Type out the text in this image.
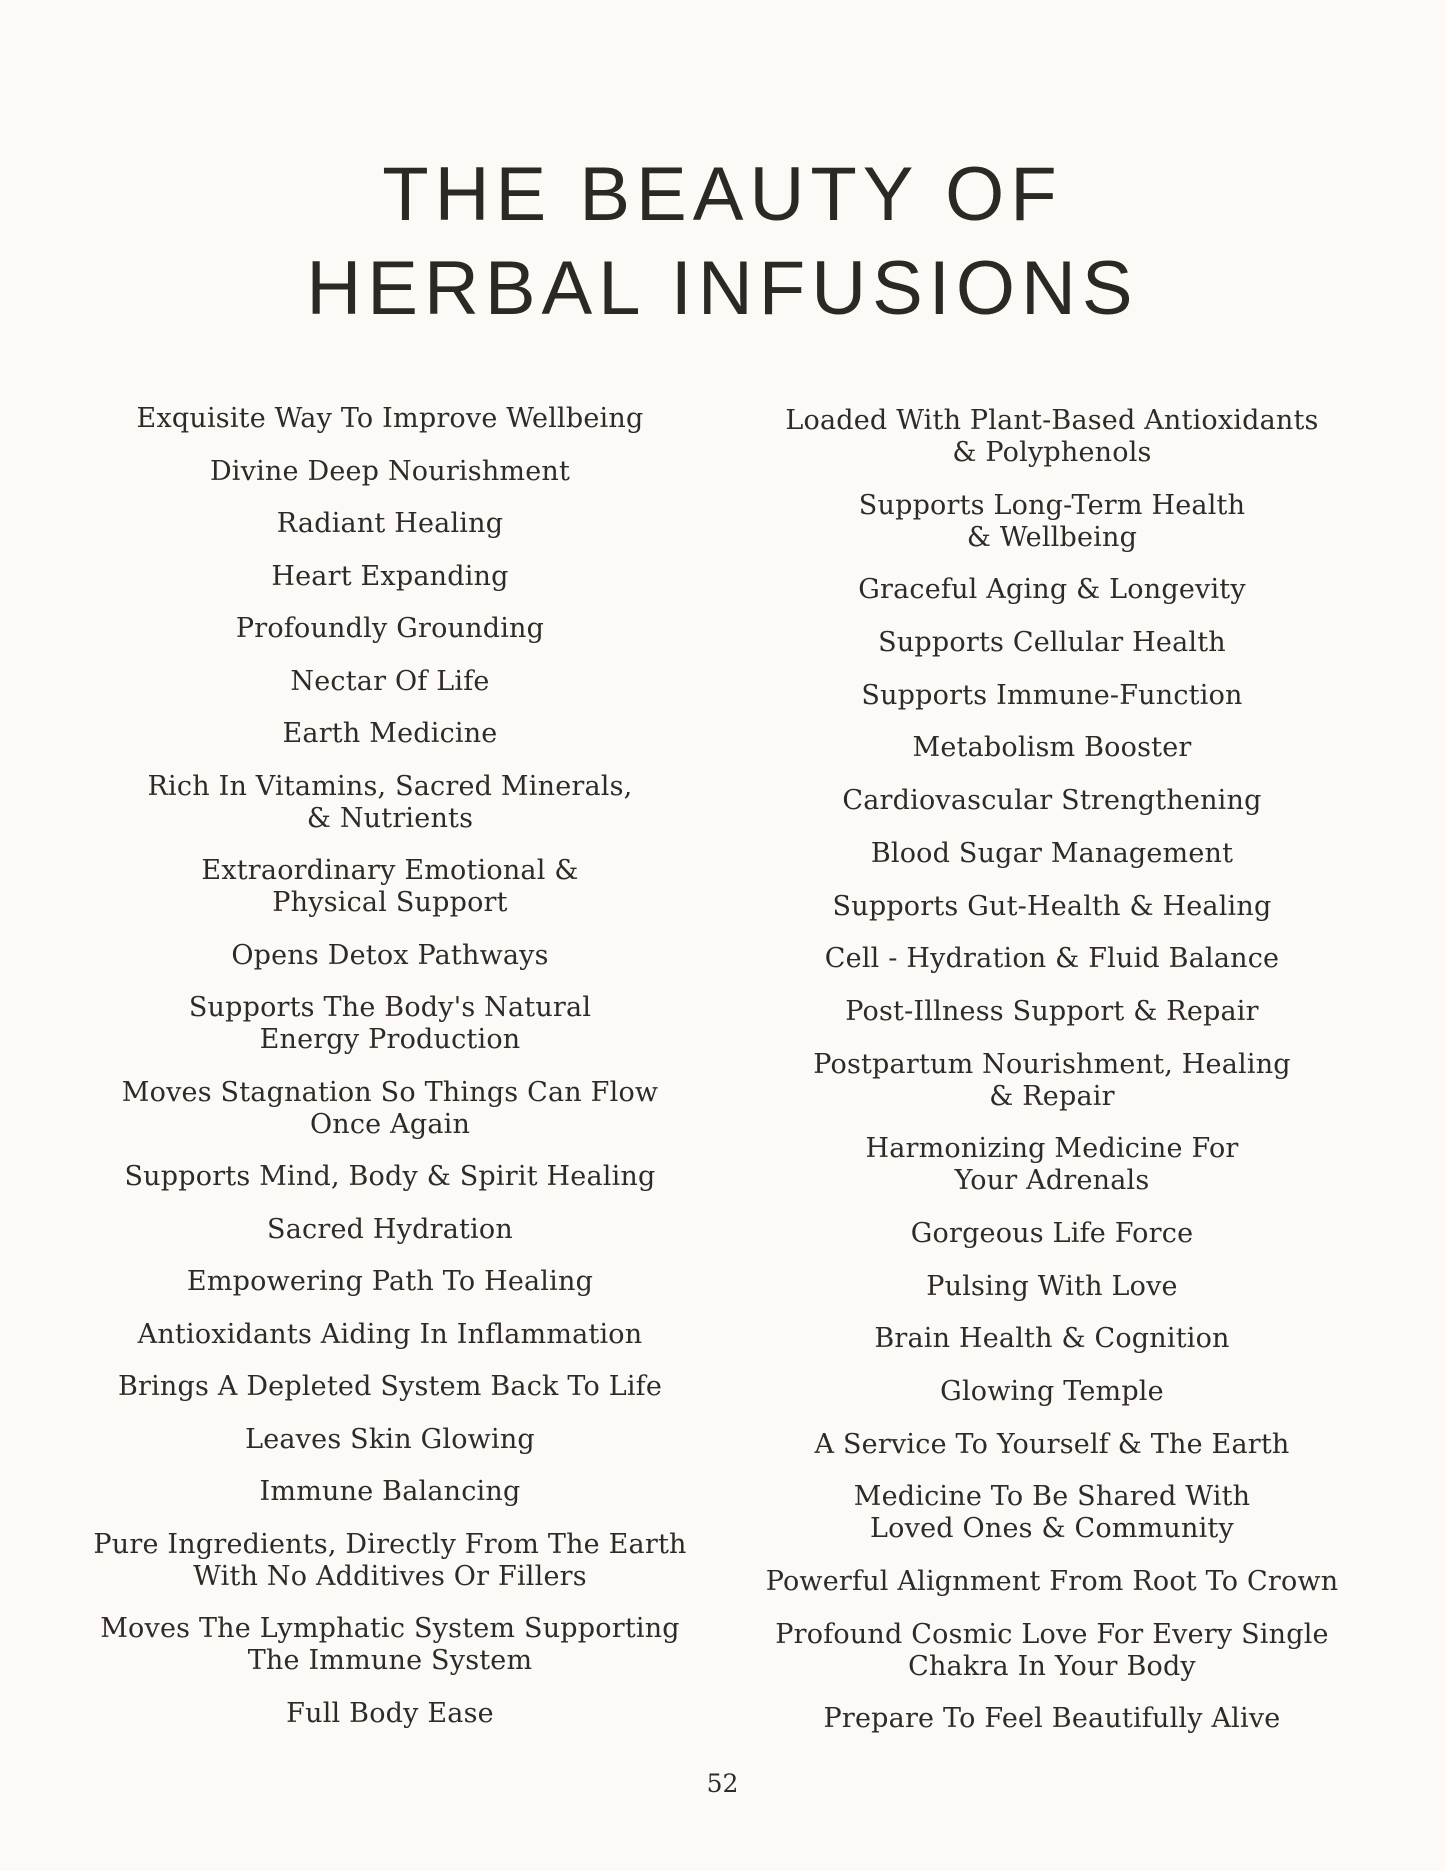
THE BEAUTY OF
HERBAL INFUSIONS
Exquisite Way To Improve Wellbeing
Divine Deep Nourishment
Radiant Healing
Heart Expanding
Profoundly Grounding
Nectar Of Life
Earth Medicine
Rich In Vitamins, Sacred Minerals,
& Nutrients
Extraordinary Emotional &
Physical Support
Opens Detox Pathways
Supports The Body's Natural
Energy Production
Moves Stagnation So Things Can Flow
Once Again
Supports Mind, Body & Spirit Healing
Sacred Hydration
Empowering Path To Healing
Antioxidants Aiding In Inflammation
Brings A Depleted System Back To Life
Leaves Skin Glowing
Immune Balancing
Pure Ingredients, Directly From The Earth
With No Additives Or Fillers
Moves The Lymphatic System Supporting
The Immune System
Full Body Ease
Loaded With Plant-Based Antioxidants
& Polyphenols
Supports Long-Term Health
& Wellbeing
Graceful Aging & Longevity
Supports Cellular Health
Supports Immune-Function
Metabolism Booster
Cardiovascular Strengthening
Blood Sugar Management
Supports Gut-Health & Healing
Cell - Hydration & Fluid Balance
Post-Illness Support & Repair
Postpartum Nourishment, Healing
& Repair
Harmonizing Medicine For
Your Adrenals
Gorgeous Life Force
Pulsing With Love
Brain Health & Cognition
Glowing Temple
A Service To Yourself & The Earth
Medicine To Be Shared With
Loved Ones & Community
Powerful Alignment From Root To Crown
Profound Cosmic Love For Every Single
Chakra In Your Body
Prepare To Feel Beautifully Alive
52
